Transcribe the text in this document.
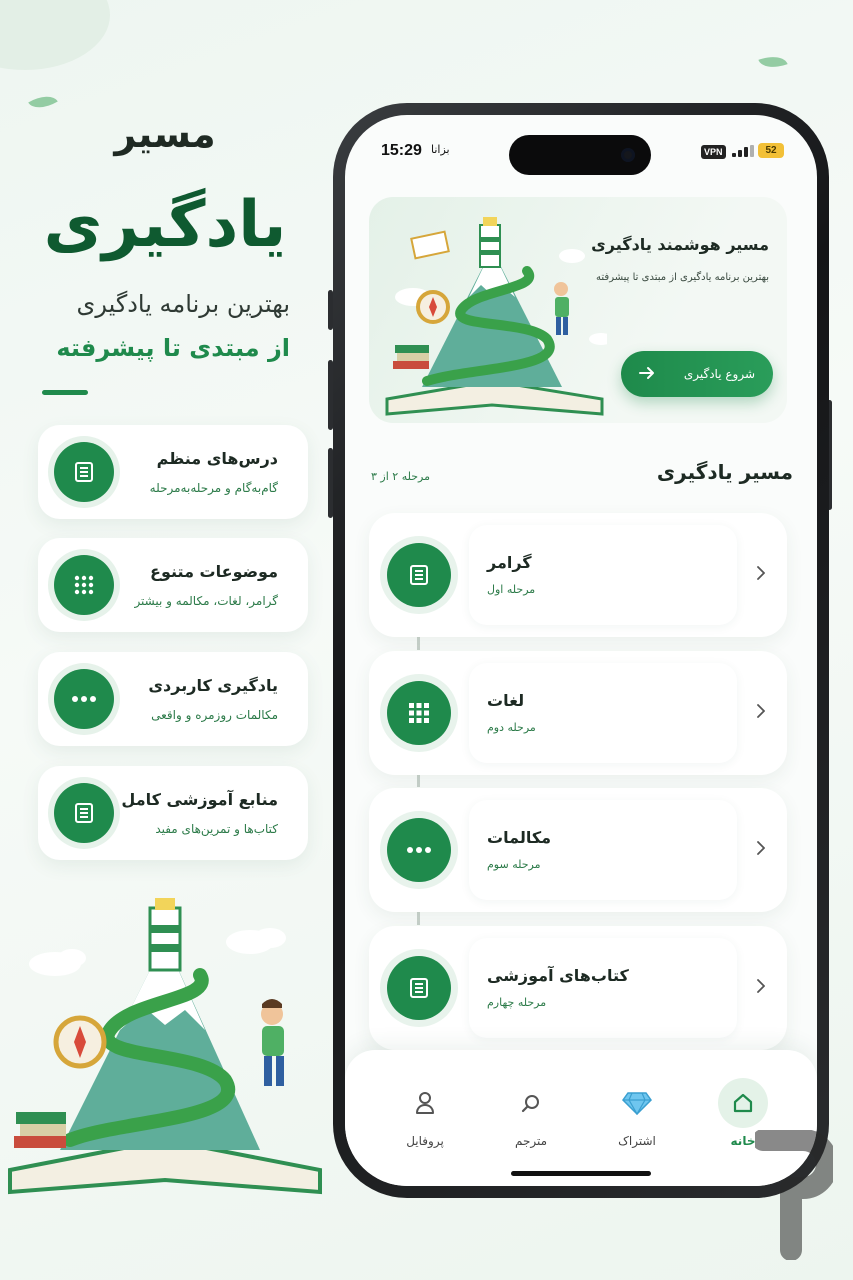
مسیر
یادگیری
بهترین برنامه یادگیری
از مبتدی تا پیشرفته
درس‌های منظم
گام‌به‌گام و مرحله‌به‌مرحله
موضوعات متنوع
گرامر، لغات، مکالمه و بیشتر
یادگیری کاربردی
مکالمات روزمره و واقعی
منابع آموزشی کامل
کتاب‌ها و تمرین‌های مفید
15:29 بزانا	VPN	52
مسیر هوشمند یادگیری
بهترین برنامه یادگیری از مبتدی تا پیشرفته
شروع یادگیری
مسیر یادگیری
مرحله ۲ از ۳
گرامر
مرحله اول
لغات
مرحله دوم
مکالمات
مرحله سوم
کتاب‌های آموزشی
مرحله چهارم
خانه
اشتراک
مترجم
پروفایل
